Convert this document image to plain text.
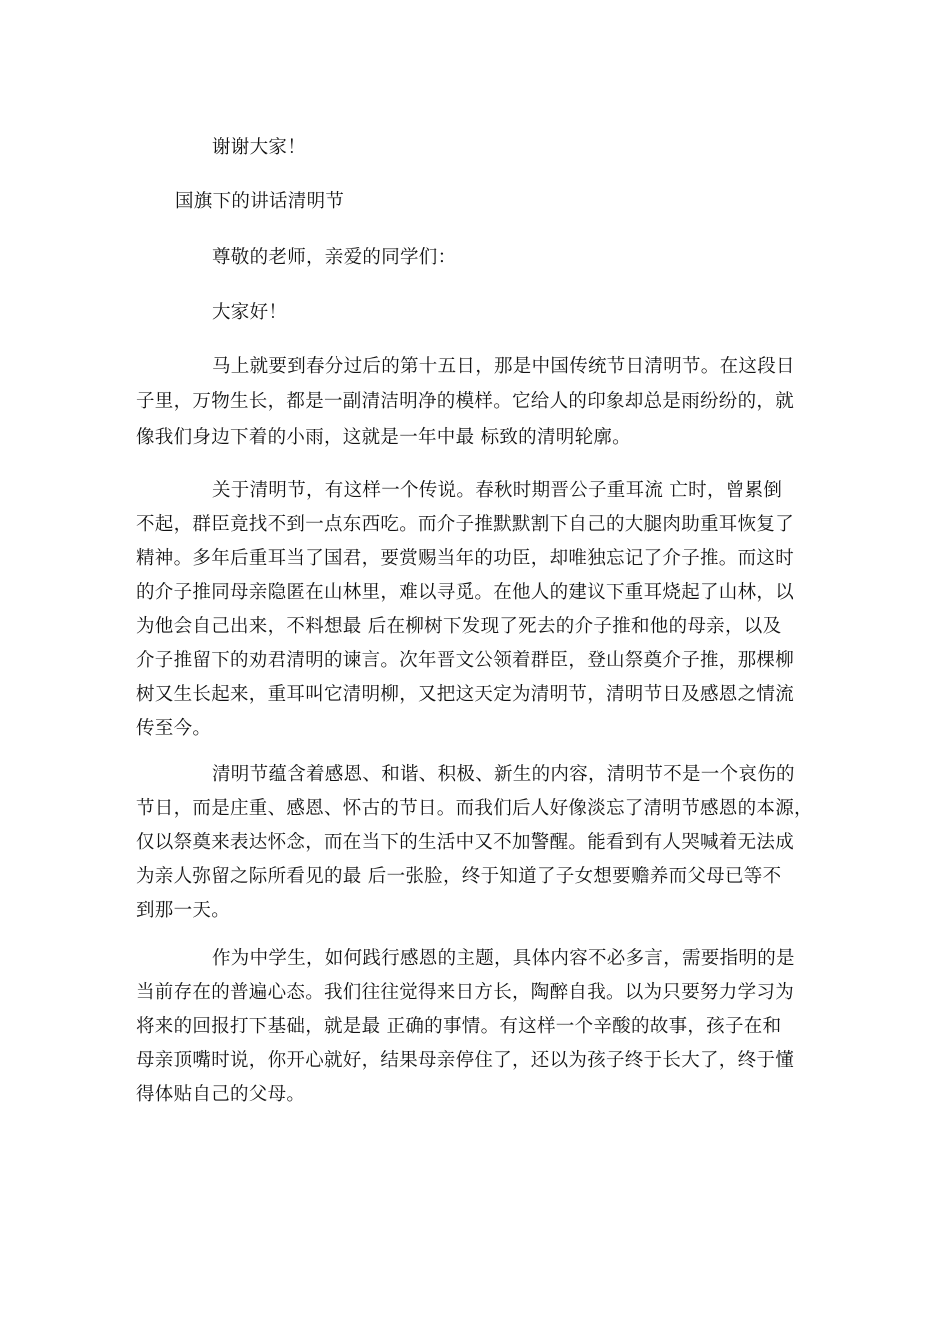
谢谢大家！
国旗下的讲话清明节
尊敬的老师，亲爱的同学们：
大家好！
马上就要到春分过后的第十五日，那是中国传统节日清明节。在这段日
子里，万物生长，都是一副清洁明净的模样。它给人的印象却总是雨纷纷的，就
像我们身边下着的小雨，这就是一年中最 标致的清明轮廓。
关于清明节，有这样一个传说。春秋时期晋公子重耳流 亡时，曾累倒
不起，群臣竟找不到一点东西吃。而介子推默默割下自己的大腿肉助重耳恢复了
精神。多年后重耳当了国君，要赏赐当年的功臣，却唯独忘记了介子推。而这时
的介子推同母亲隐匿在山林里，难以寻觅。在他人的建议下重耳烧起了山林，以
为他会自己出来，不料想最 后在柳树下发现了死去的介子推和他的母亲，以及
介子推留下的劝君清明的谏言。次年晋文公领着群臣，登山祭奠介子推，那棵柳
树又生长起来，重耳叫它清明柳，又把这天定为清明节，清明节日及感恩之情流
传至今。
清明节蕴含着感恩、和谐、积极、新生的内容，清明节不是一个哀伤的
节日，而是庄重、感恩、怀古的节日。而我们后人好像淡忘了清明节感恩的本源，
仅以祭奠来表达怀念，而在当下的生活中又不加警醒。能看到有人哭喊着无法成
为亲人弥留之际所看见的最 后一张脸，终于知道了子女想要赡养而父母已等不
到那一天。
作为中学生，如何践行感恩的主题，具体内容不必多言，需要指明的是
当前存在的普遍心态。我们往往觉得来日方长，陶醉自我。以为只要努力学习为
将来的回报打下基础，就是最 正确的事情。有这样一个辛酸的故事，孩子在和
母亲顶嘴时说，你开心就好，结果母亲停住了，还以为孩子终于长大了，终于懂
得体贴自己的父母。
